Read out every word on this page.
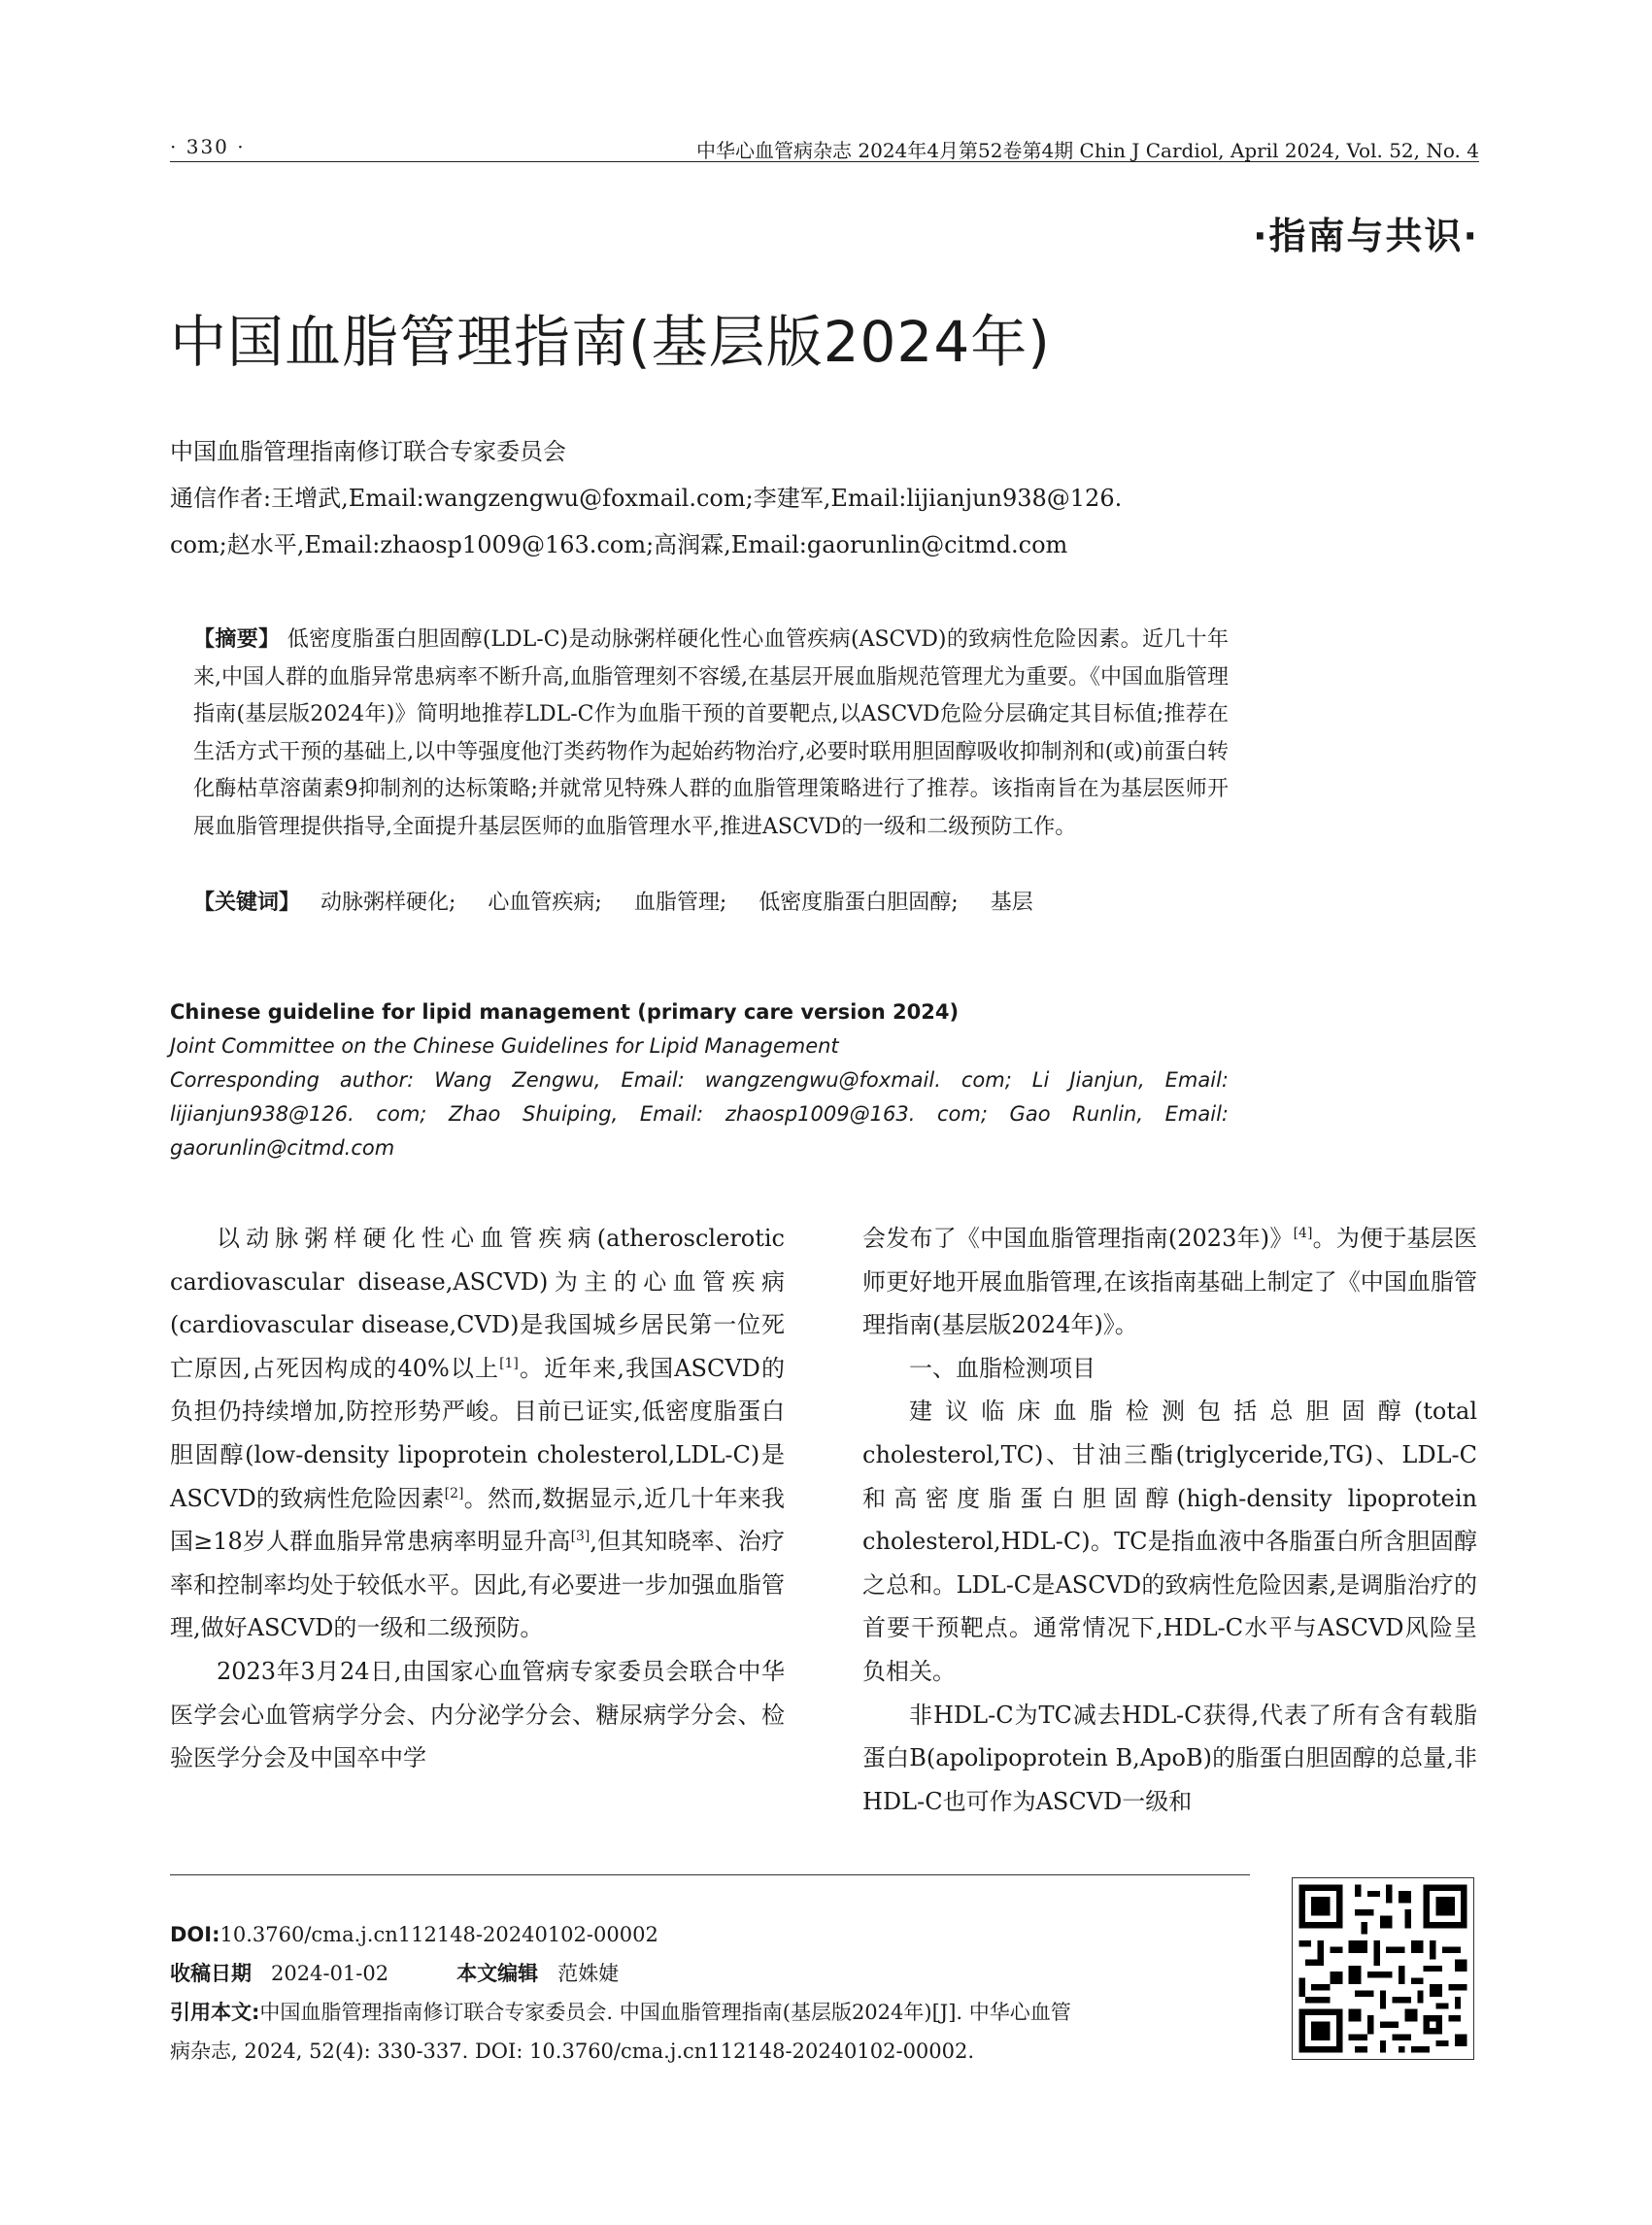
· 330 ·	中华心血管病杂志 2024年4月第52卷第4期 Chin J Cardiol, April 2024, Vol. 52, No. 4
·指南与共识·
中国血脂管理指南(基层版2024年)
中国血脂管理指南修订联合专家委员会
通信作者:王增武,Email:wangzengwu@foxmail.com;李建军,Email:lijianjun938@126.
com;赵水平,Email:zhaosp1009@163.com;高润霖,Email:gaorunlin@citmd.com
【摘要】 低密度脂蛋白胆固醇(LDL-C)是动脉粥样硬化性心血管疾病(ASCVD)的致病性危险因素。近几十年来,中国人群的血脂异常患病率不断升高,血脂管理刻不容缓,在基层开展血脂规范管理尤为重要。《中国血脂管理指南(基层版2024年)》简明地推荐LDL-C作为血脂干预的首要靶点,以ASCVD危险分层确定其目标值;推荐在生活方式干预的基础上,以中等强度他汀类药物作为起始药物治疗,必要时联用胆固醇吸收抑制剂和(或)前蛋白转化酶枯草溶菌素9抑制剂的达标策略;并就常见特殊人群的血脂管理策略进行了推荐。该指南旨在为基层医师开展血脂管理提供指导,全面提升基层医师的血脂管理水平,推进ASCVD的一级和二级预防工作。
【关键词】 动脉粥样硬化; 心血管疾病; 血脂管理; 低密度脂蛋白胆固醇; 基层
Chinese guideline for lipid management (primary care version 2024)
Joint Committee on the Chinese Guidelines for Lipid Management
Corresponding author: Wang Zengwu, Email: wangzengwu@foxmail. com; Li Jianjun, Email: lijianjun938@126. com; Zhao Shuiping, Email: zhaosp1009@163. com; Gao Runlin, Email: gaorunlin@citmd.com

以动脉粥样硬化性心血管疾病(atherosclerotic cardiovascular disease,ASCVD)为主的心血管疾病(cardiovascular disease,CVD)是我国城乡居民第一位死亡原因,占死因构成的40%以上[1]。近年来,我国ASCVD的负担仍持续增加,防控形势严峻。目前已证实,低密度脂蛋白胆固醇(low-density lipoprotein cholesterol,LDL-C)是ASCVD的致病性危险因素[2]。然而,数据显示,近几十年来我国≥18岁人群血脂异常患病率明显升高[3],但其知晓率、治疗率和控制率均处于较低水平。因此,有必要进一步加强血脂管理,做好ASCVD的一级和二级预防。

2023年3月24日,由国家心血管病专家委员会联合中华医学会心血管病学分会、内分泌学分会、糖尿病学分会、检验医学分会及中国卒中学

会发布了《中国血脂管理指南(2023年)》[4]。为便于基层医师更好地开展血脂管理,在该指南基础上制定了《中国血脂管理指南(基层版2024年)》。

一、血脂检测项目

建议临床血脂检测包括总胆固醇(total cholesterol,TC)、甘油三酯(triglyceride,TG)、LDL-C和高密度脂蛋白胆固醇(high-density lipoprotein cholesterol,HDL-C)。TC是指血液中各脂蛋白所含胆固醇之总和。LDL-C是ASCVD的致病性危险因素,是调脂治疗的首要干预靶点。通常情况下,HDL-C水平与ASCVD风险呈负相关。

非HDL-C为TC减去HDL-C获得,代表了所有含有载脂蛋白B(apolipoprotein B,ApoB)的脂蛋白胆固醇的总量,非HDL-C也可作为ASCVD一级和

DOI:10.3760/cma.j.cn112148-20240102-00002
收稿日期 2024-01-02	本文编辑 范姝婕
引用本文:中国血脂管理指南修订联合专家委员会. 中国血脂管理指南(基层版2024年)[J]. 中华心血管
病杂志, 2024, 52(4): 330-337. DOI: 10.3760/cma.j.cn112148-20240102-00002.
